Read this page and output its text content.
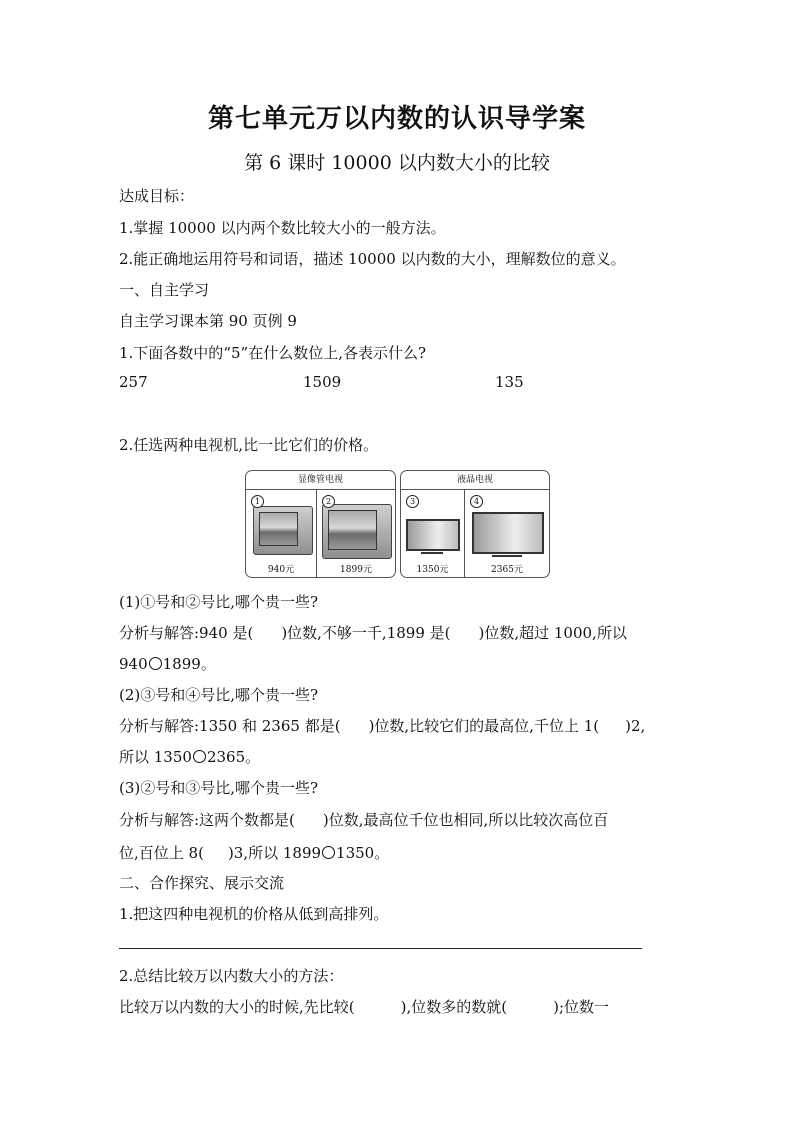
第七单元万以内数的认识导学案
第 6 课时 10000 以内数大小的比较
达成目标：
1.掌握 10000 以内两个数比较大小的一般方法。
2.能正确地运用符号和词语，描述 10000 以内数的大小，理解数位的意义。
一、自主学习
自主学习课本第 90 页例 9
1.下面各数中的“5”在什么数位上,各表示什么?
257	1509	135
2.任选两种电视机,比一比它们的价格。
显像管电视
1
940元
2
1899元
液晶电视
3
1350元
4
2365元
(1)①号和②号比,哪个贵一些?
分析与解答:940 是( )位数,不够一千,1899 是( )位数,超过 1000,所以
940 1899。
(2)③号和④号比,哪个贵一些?
分析与解答:1350 和 2365 都是( )位数,比较它们的最高位,千位上 1( )2,
所以 1350 2365。
(3)②号和③号比,哪个贵一些?
分析与解答:这两个数都是( )位数,最高位千位也相同,所以比较次高位百
位,百位上 8( )3,所以 1899 1350。
二、合作探究、展示交流
1.把这四种电视机的价格从低到高排列。
2.总结比较万以内数大小的方法：
比较万以内数的大小的时候,先比较(	),位数多的数就(	);位数一
